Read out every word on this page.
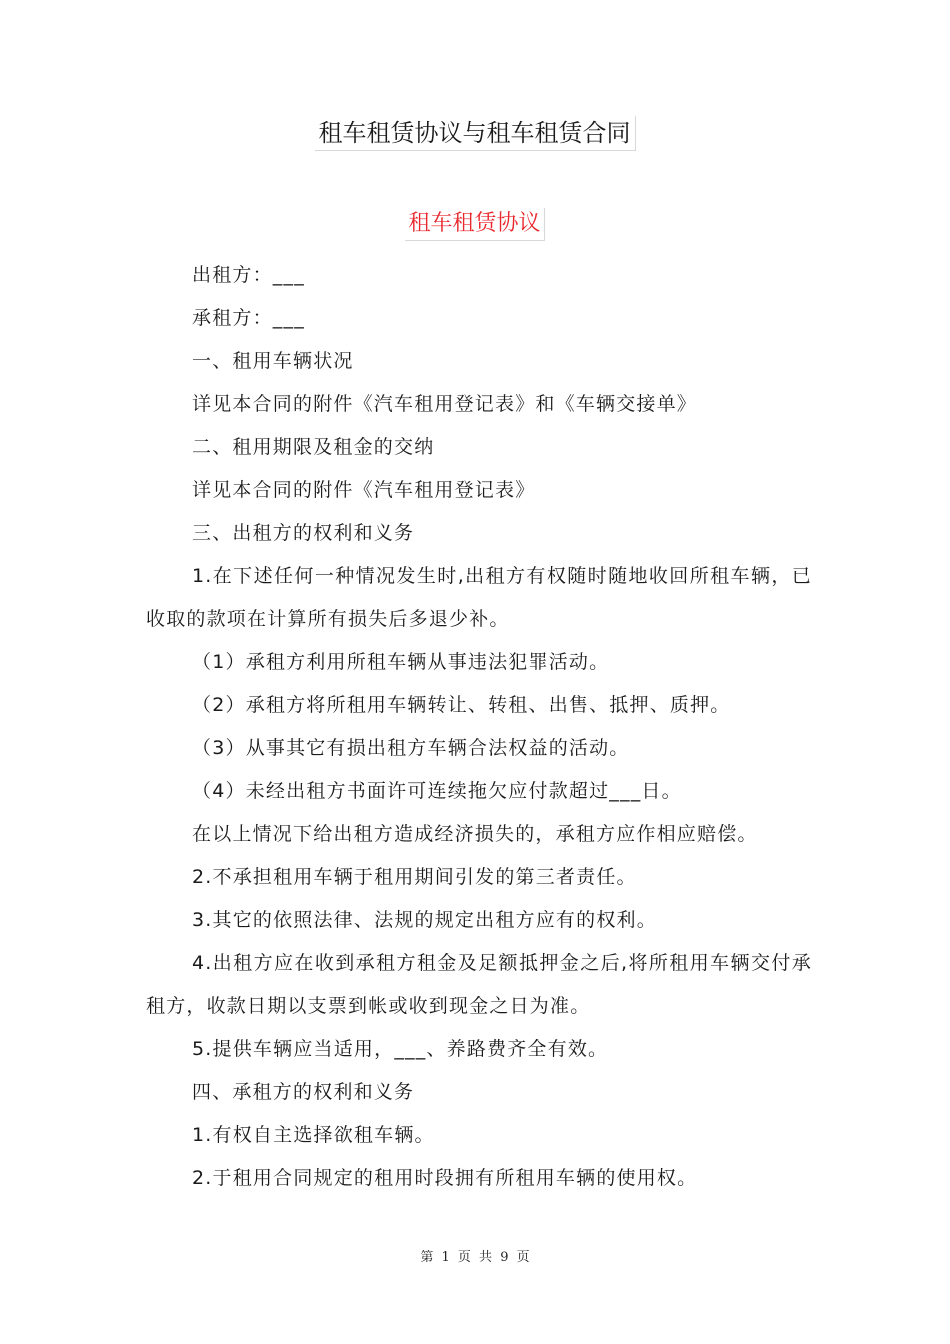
租车租赁协议与租车租赁合同
租车租赁协议

出租方：___

承租方：___

一、租用车辆状况

详见本合同的附件《汽车租用登记表》和《车辆交接单》

二、租用期限及租金的交纳

详见本合同的附件《汽车租用登记表》

三、出租方的权利和义务

1.在下述任何一种情况发生时,出租方有权随时随地收回所租车辆，已收取的款项在计算所有损失后多退少补。

（1）承租方利用所租车辆从事违法犯罪活动。

（2）承租方将所租用车辆转让、转租、出售、抵押、质押。

（3）从事其它有损出租方车辆合法权益的活动。

（4）未经出租方书面许可连续拖欠应付款超过___日。

在以上情况下给出租方造成经济损失的，承租方应作相应赔偿。

2.不承担租用车辆于租用期间引发的第三者责任。

3.其它的依照法律、法规的规定出租方应有的权利。

4.出租方应在收到承租方租金及足额抵押金之后,将所租用车辆交付承租方，收款日期以支票到帐或收到现金之日为准。

5.提供车辆应当适用，___、养路费齐全有效。

四、承租方的权利和义务

1.有权自主选择欲租车辆。

2.于租用合同规定的租用时段拥有所租用车辆的使用权。

第 1 页 共 9 页
